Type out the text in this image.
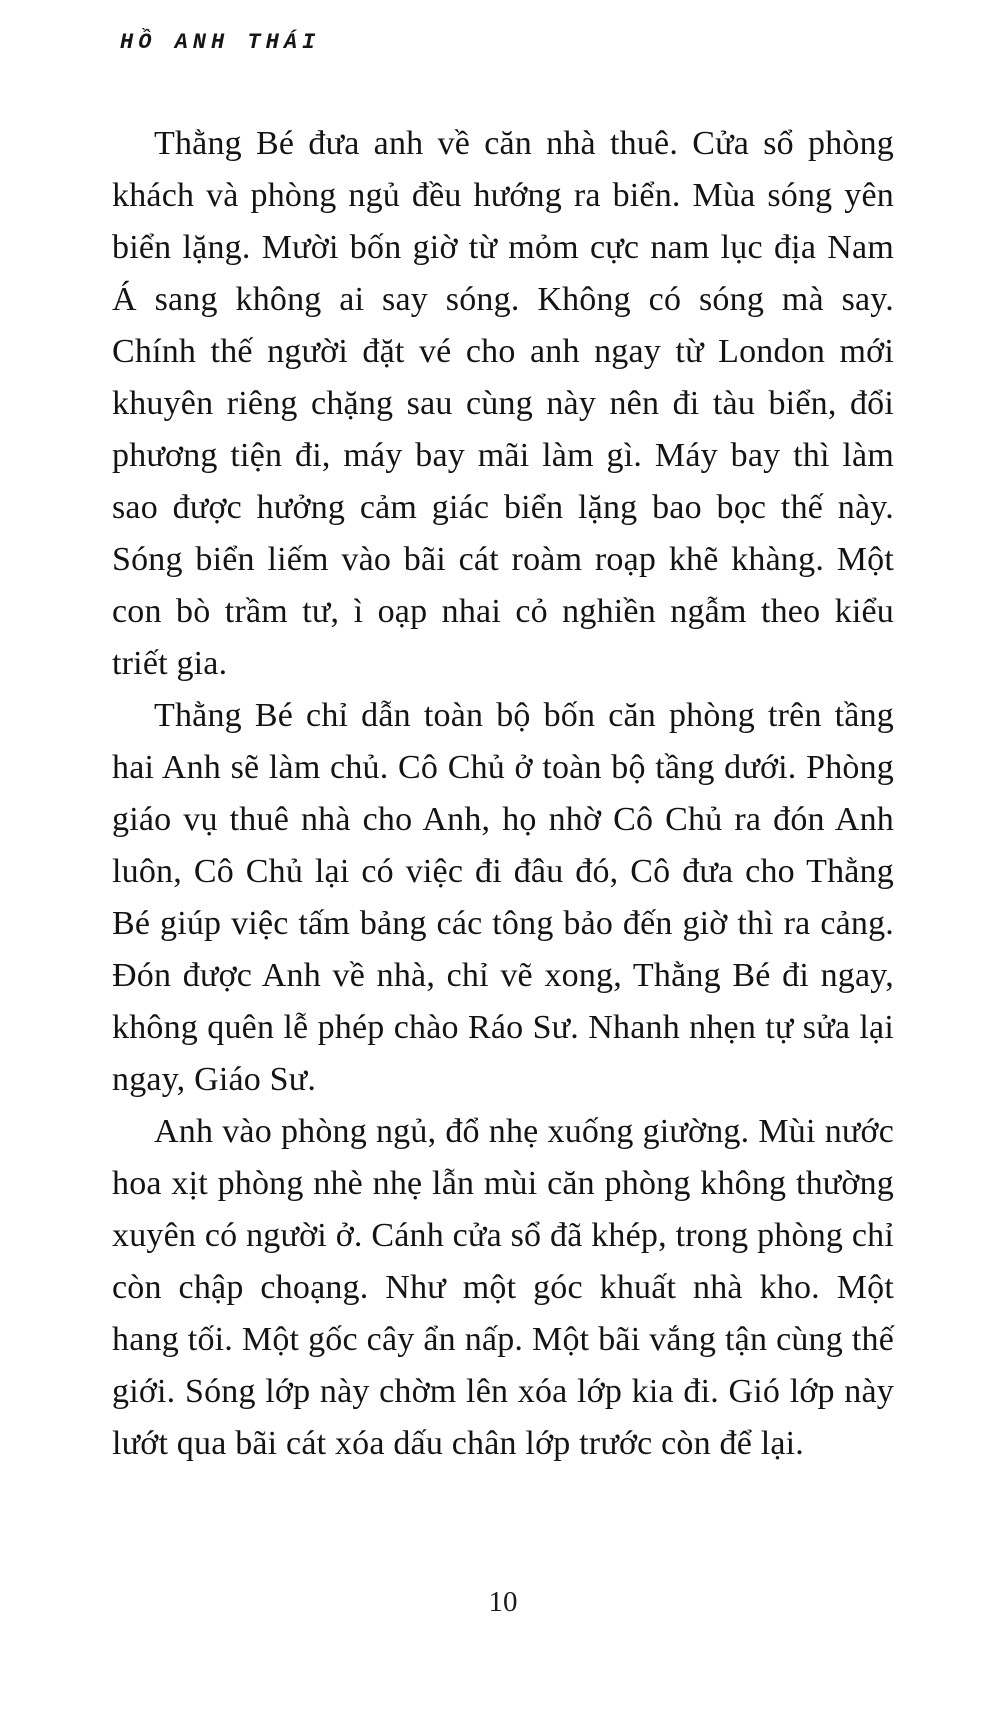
HỒ ANH THÁI

Thằng Bé đưa anh về căn nhà thuê. Cửa sổ phòng khách và phòng ngủ đều hướng ra biển. Mùa sóng yên biển lặng. Mười bốn giờ từ mỏm cực nam lục địa Nam Á sang không ai say sóng. Không có sóng mà say. Chính thế người đặt vé cho anh ngay từ London mới khuyên riêng chặng sau cùng này nên đi tàu biển, đổi phương tiện đi, máy bay mãi làm gì. Máy bay thì làm sao được hưởng cảm giác biển lặng bao bọc thế này. Sóng biển liếm vào bãi cát roàm roạp khẽ khàng. Một con bò trầm tư, ì oạp nhai cỏ nghiền ngẫm theo kiểu triết gia.

Thằng Bé chỉ dẫn toàn bộ bốn căn phòng trên tầng hai Anh sẽ làm chủ. Cô Chủ ở toàn bộ tầng dưới. Phòng giáo vụ thuê nhà cho Anh, họ nhờ Cô Chủ ra đón Anh luôn, Cô Chủ lại có việc đi đâu đó, Cô đưa cho Thằng Bé giúp việc tấm bảng các tông bảo đến giờ thì ra cảng. Đón được Anh về nhà, chỉ vẽ xong, Thằng Bé đi ngay, không quên lễ phép chào Ráo Sư. Nhanh nhẹn tự sửa lại ngay, Giáo Sư.

Anh vào phòng ngủ, đổ nhẹ xuống giường. Mùi nước hoa xịt phòng nhè nhẹ lẫn mùi căn phòng không thường xuyên có người ở. Cánh cửa sổ đã khép, trong phòng chỉ còn chập choạng. Như một góc khuất nhà kho. Một hang tối. Một gốc cây ẩn nấp. Một bãi vắng tận cùng thế giới. Sóng lớp này chờm lên xóa lớp kia đi. Gió lớp này lướt qua bãi cát xóa dấu chân lớp trước còn để lại.

10
